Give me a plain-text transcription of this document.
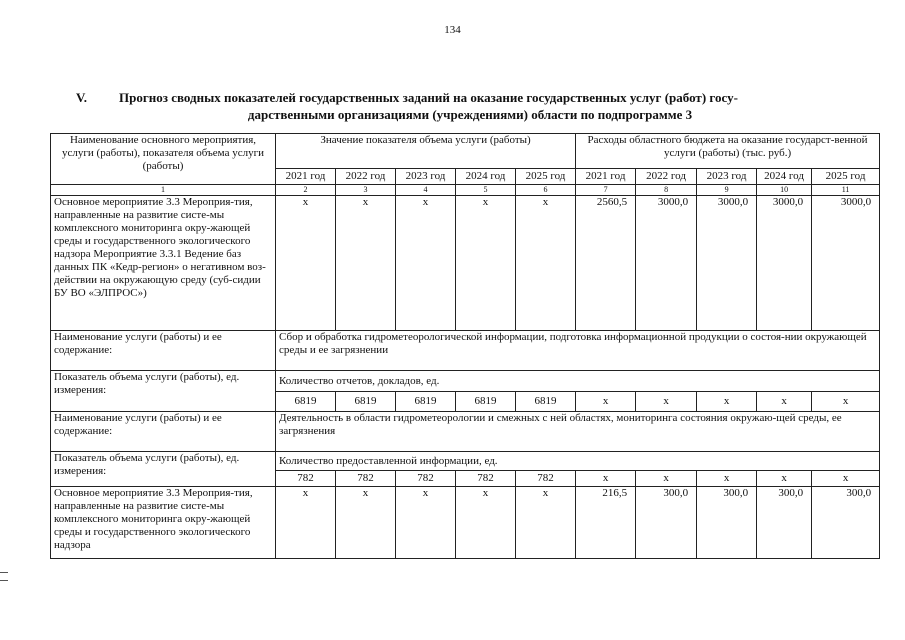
134
V. Прогноз сводных показателей государственных заданий на оказание государственных услуг (работ) госу-
дарственными организациями (учреждениями) области по подпрограмме 3
Наименование основного мероприятия, услуги (работы), показателя объема услуги (работы)	Значение показателя объема услуги (работы)					Расходы областного бюджета на оказание государст-венной услуги (работы) (тыс. руб.)				
	2021 год	2022 год	2023 год	2024 год	2025 год	2021 год	2022 год	2023 год	2024 год	2025 год
1	2	3	4	5	6	7	8	9	10	11
Основное мероприятие 3.3 Мероприя-тия, направленные на развитие систе-мы комплексного мониторинга окру-жающей среды и государственного экологического надзора Мероприятие 3.3.1 Ведение баз данных ПК «Кедр-регион» о негативном воз-действии на окружающую среду (суб-сидии БУ ВО «ЭЛПРОС»)	x	x	x	x	x	2560,5	3000,0	3000,0	3000,0	3000,0
Наименование услуги (работы) и ее содержание:	Сбор и обработка гидрометеорологической информации, подготовка информационной продукции о состоя-нии окружающей среды и ее загрязнении									
Показатель объема услуги (работы), ед. измерения:	Количество отчетов, докладов, ед.									
	6819	6819	6819	6819	6819	x	x	x	x	x
Наименование услуги (работы) и ее содержание:	Деятельность в области гидрометеорологии и смежных с ней областях, мониторинга состояния окружаю-щей среды, ее загрязнения									
Показатель объема услуги (работы), ед. измерения:	Количество предоставленной информации, ед.									
	782	782	782	782	782	x	x	x	x	x
Основное мероприятие 3.3 Мероприя-тия, направленные на развитие систе-мы комплексного мониторинга окру-жающей среды и государственного экологического надзора	x	x	x	x	x	216,5	300,0	300,0	300,0	300,0
